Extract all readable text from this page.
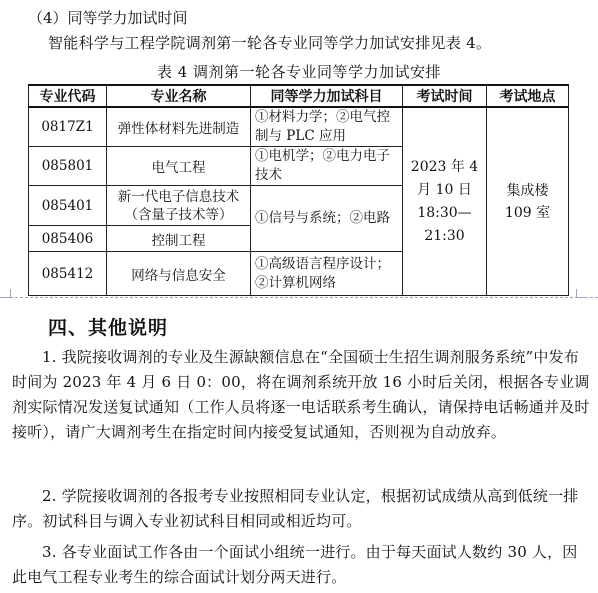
（4）同等学力加试时间
智能科学与工程学院调剂第一轮各专业同等学力加试安排见表 4。
表 4 调剂第一轮各专业同等学力加试安排
专业代码	专业名称	同等学力加试科目	考试时间	考试地点
0817Z1	弹性体材料先进制造	①材料力学；②电气控制与 PLC 应用	2023 年 4 月 10 日 18:30—21:30	集成楼 109 室
085801	电气工程	①电机学；②电力电子技术		
085401	新一代电子信息技术（含量子技术等）	①信号与系统；②电路		
085406	控制工程			
085412	网络与信息安全	①高级语言程序设计；②计算机网络		
四、其他说明
1. 我院接收调剂的专业及生源缺额信息在“全国硕士生招生调剂服务系统”中发布时间为 2023 年 4 月 6 日 0：00，将在调剂系统开放 16 小时后关闭，根据各专业调剂实际情况发送复试通知（工作人员将逐一电话联系考生确认，请保持电话畅通并及时接听），请广大调剂考生在指定时间内接受复试通知，否则视为自动放弃。
2. 学院接收调剂的各报考专业按照相同专业认定，根据初试成绩从高到低统一排序。初试科目与调入专业初试科目相同或相近均可。
3. 各专业面试工作各由一个面试小组统一进行。由于每天面试人数约 30 人，因此电气工程专业考生的综合面试计划分两天进行。
